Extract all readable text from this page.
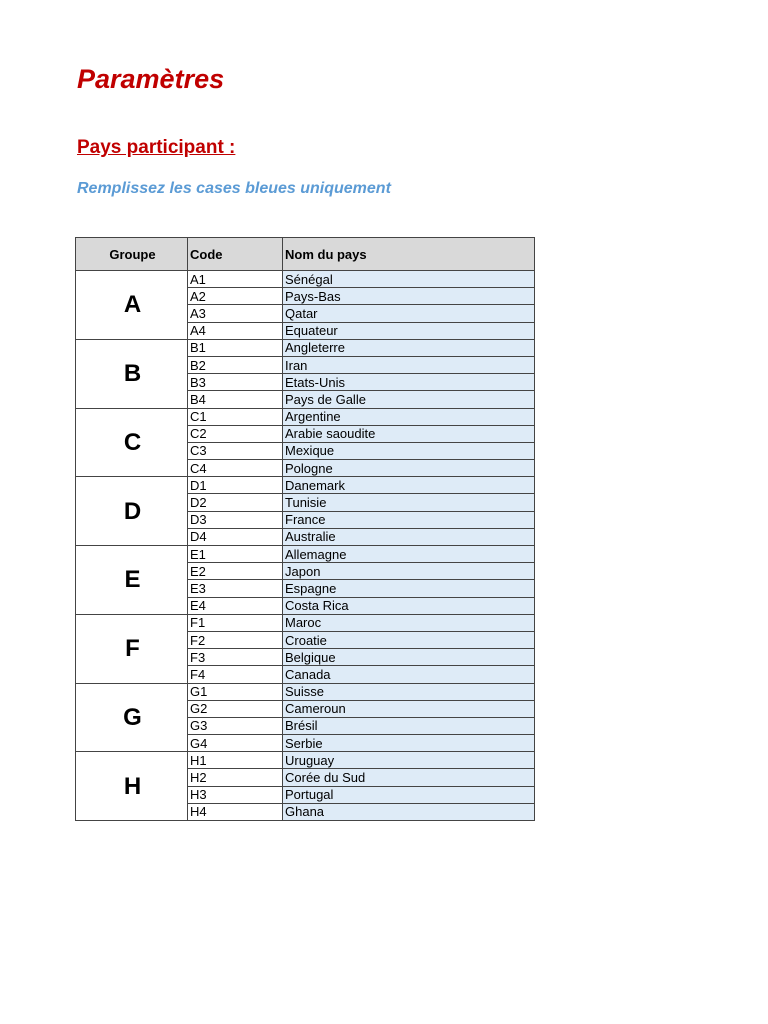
Paramètres
Pays participant :

Remplissez les cases bleues uniquement

Groupe	Code	Nom du pays
A	A1	Sénégal
	A2	Pays-Bas
	A3	Qatar
	A4	Equateur
B	B1	Angleterre
	B2	Iran
	B3	Etats-Unis
	B4	Pays de Galle
C	C1	Argentine
	C2	Arabie saoudite
	C3	Mexique
	C4	Pologne
D	D1	Danemark
	D2	Tunisie
	D3	France
	D4	Australie
E	E1	Allemagne
	E2	Japon
	E3	Espagne
	E4	Costa Rica
F	F1	Maroc
	F2	Croatie
	F3	Belgique
	F4	Canada
G	G1	Suisse
	G2	Cameroun
	G3	Brésil
	G4	Serbie
H	H1	Uruguay
	H2	Corée du Sud
	H3	Portugal
	H4	Ghana
